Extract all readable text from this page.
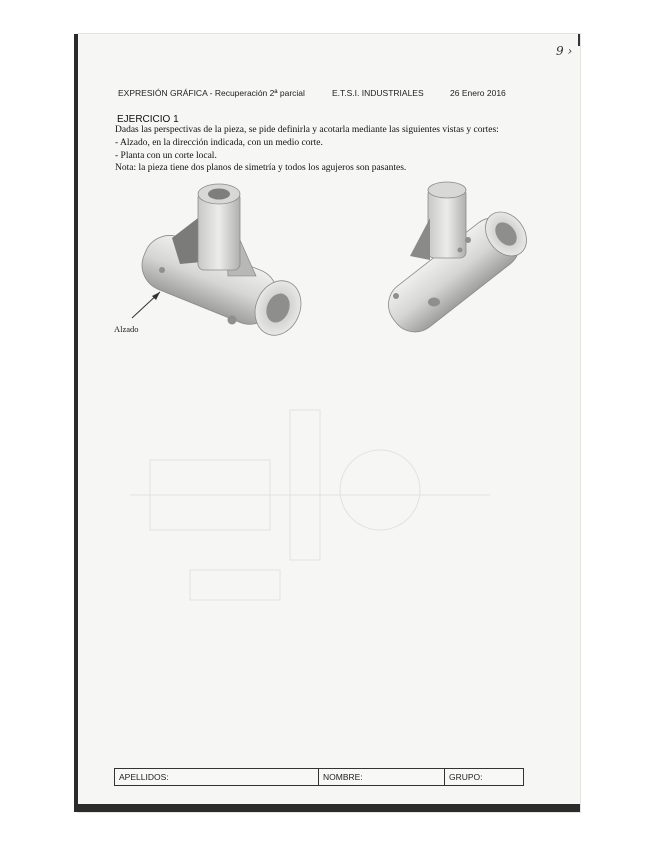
9 ›
EXPRESIÓN GRÁFICA - Recuperación 2ª parcial	E.T.S.I. INDUSTRIALES	26 Enero 2016
EJERCICIO 1
Dadas las perspectivas de la pieza, se pide definirla y acotarla mediante las siguientes vistas y cortes:
- Alzado, en la dirección indicada, con un medio corte.
- Planta con un corte local.
Nota: la pieza tiene dos planos de simetría y todos los agujeros son pasantes.
Alzado
APELLIDOS:	NOMBRE:	GRUPO:
